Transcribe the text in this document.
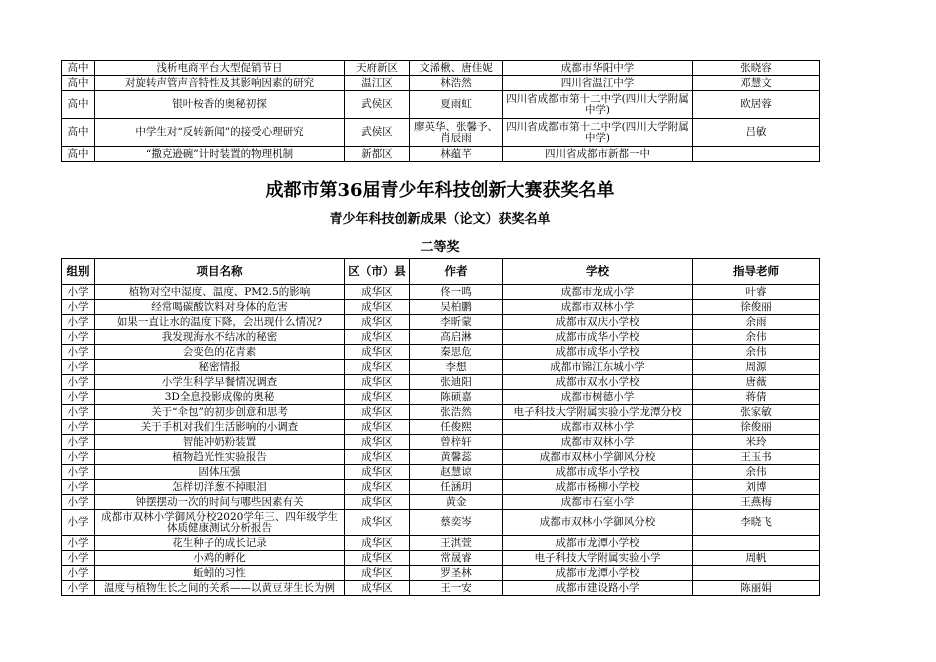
高中	浅析电商平台大型促销节日	天府新区	文浠楸、唐佳妮	成都市华阳中学	张晓容
高中	对旋转声管声音特性及其影响因素的研究	温江区	林浩然	四川省温江中学	邓慧文
高中	银叶桉香的奥秘初探	武侯区	夏雨虹	四川省成都市第十二中学(四川大学附属中学)	欧居蓉
高中	中学生对“反转新闻”的接受心理研究	武侯区	廖英华、张馨予、肖辰雨	四川省成都市第十二中学(四川大学附属中学)	吕敏
高中	“撒克逊碗”计时装置的物理机制	新都区	林蕴芊	四川省成都市新都一中	
成都市第36届青少年科技创新大赛获奖名单
青少年科技创新成果（论文）获奖名单
二等奖
组别	项目名称	区（市）县	作者	学校	指导老师
小学	植物对空中湿度、温度、PM2.5的影响	成华区	佟一鸣	成都市龙成小学	叶睿
小学	经常喝碳酸饮料对身体的危害	成华区	吴柏鹏	成都市双林小学	徐俊丽
小学	如果一直让水的温度下降，会出现什么情况?	成华区	李昕蒙	成都市双庆小学校	余雨
小学	我发现海水不结冰的秘密	成华区	高启淋	成都市成华小学校	余伟
小学	会变色的花青素	成华区	秦思危	成都市成华小学校	余伟
小学	秘密情报	成华区	李想	成都市锦江东城小学	周源
小学	小学生科学早餐情况调查	成华区	张迪阳	成都市双水小学校	唐薇
小学	3D全息投影成像的奥秘	成华区	陈硕嘉	成都市树德小学	蒋倩
小学	关于“伞包”的初步创意和思考	成华区	张浩然	电子科技大学附属实验小学龙潭分校	张家敏
小学	关于手机对我们生活影响的小调查	成华区	任俊熙	成都市双林小学	徐俊丽
小学	智能冲奶粉装置	成华区	曾梓轩	成都市双林小学	米玲
小学	植物趋光性实验报告	成华区	黄馨蕊	成都市双林小学御风分校	王玉书
小学	固体压强	成华区	赵慧谅	成都市成华小学校	余伟
小学	怎样切洋葱不掉眼泪	成华区	任涵玥	成都市杨柳小学校	刘博
小学	钟摆摆动一次的时间与哪些因素有关	成华区	黄金	成都市石室小学	王燕梅
小学	成都市双林小学御风分校2020学年三、四年级学生体质健康测试分析报告	成华区	蔡奕岑	成都市双林小学御风分校	李晓飞
小学	花生种子的成长记录	成华区	王淇萱	成都市龙潭小学校	
小学	小鸡的孵化	成华区	常晟睿	电子科技大学附属实验小学	周帆
小学	蚯蚓的习性	成华区	罗圣林	成都市龙潭小学校	
小学	温度与植物生长之间的关系——以黄豆芽生长为例	成华区	王一安	成都市建设路小学	陈丽娟
